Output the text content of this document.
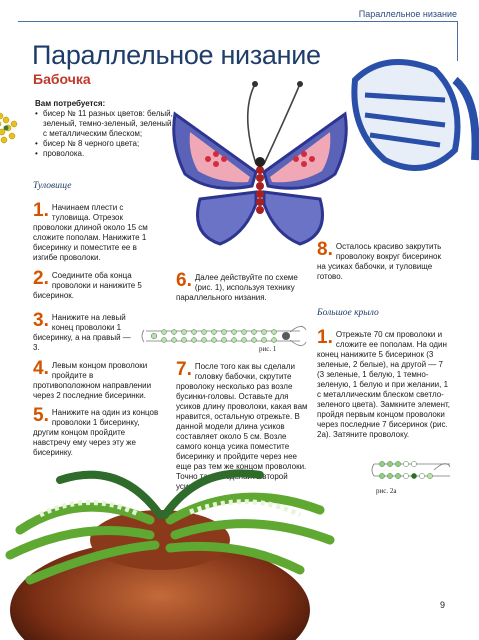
Параллельное низание
Параллельное низание
Бабочка
Вам потребуется:
• бисер № 11 разных цветов: белый, зеленый, темно-зеленый, зеленый с металлическим блеском;
• бисер № 8 черного цвета;
• проволока.
Туловище
1. Начинаем плести с туловища. Отрезок проволоки длиной около 15 см сложите пополам. Нанижите 1 бисеринку и поместите ее в изгибе проволоки.
2. Соедините оба конца проволоки и нанижите 5 бисеринок.
3. Нанижите на левый конец проволоки 1 бисеринку, а на правый — 3.
4. Левым концом проволоки пройдите в противоположном направлении через 2 последние бисеринки.
5. Нанижите на один из концов проволоки 1 бисеринку, другим концом пройдите навстречу ему через эту же бисеринку.
6. Далее действуйте по схеме (рис. 1), используя технику параллельного низания.
7. После того как вы сделали головку бабочки, скрутите проволоку несколько раз возле бусинки-головы. Оставьте для усиков длину проволоки, какая вам нравится, остальную отрежьте. В данной модели длина усиков составляет около 5 см. Возле самого конца усика поместите бисеринку и пройдите через нее еще раз тем же концом проволоки. Точно так же сделайте второй усик.
8. Осталось красиво закрутить проволоку вокруг бисеринок на усиках бабочки, и туловище готово.
Большое крыло
1. Отрежьте 70 см проволоки и сложите ее пополам. На один конец нанижите 5 бисеринок (3 зеленые, 2 белые), на другой — 7 (3 зеленые, 1 белую, 1 темно-зеленую, 1 белую и при желании, 1 с металлическим блеском светло-зеленого цвета). Замкните элемент, пройдя первым концом проволоки через последние 7 бисеринок (рис. 2а). Затяните проволоку.
рис. 1
рис. 2а
9
